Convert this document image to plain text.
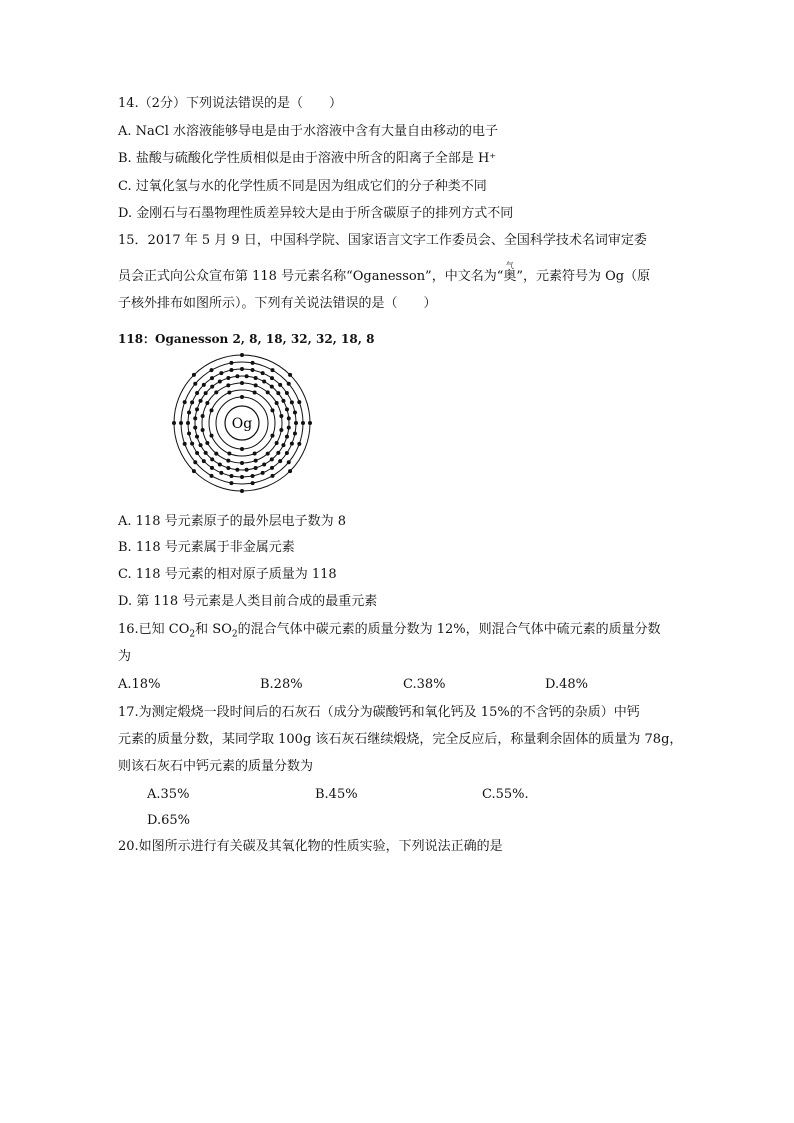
14.（2分）下列说法错误的是（　　）
A. NaCl 水溶液能够导电是由于水溶液中含有大量自由移动的电子
B. 盐酸与硫酸化学性质相似是由于溶液中所含的阳离子全部是 H⁺
C. 过氧化氢与水的化学性质不同是因为组成它们的分子种类不同
D. 金刚石与石墨物理性质差异较大是由于所含碳原子的排列方式不同
15．2017 年 5 月 9 日，中国科学院、国家语言文字工作委员会、全国科学技术名词审定委
员会正式向公众宣布第 118 号元素名称“Oganesson”，中文名为“
气
奥”，元素符号为 Og（原
子核外排布如图所示）。下列有关说法错误的是（　　）
118：Oganesson 2, 8, 18, 32, 32, 18, 8
Og
A. 118 号元素原子的最外层电子数为 8
B. 118 号元素属于非金属元素
C. 118 号元素的相对原子质量为 118
D. 第 118 号元素是人类目前合成的最重元素
16.已知 $CO_2$和 $SO_2$的混合气体中碳元素的质量分数为 12%，则混合气体中硫元素的质量分数
为
A.18%	B.28%	C.38%	D.48%
17.为测定煅烧一段时间后的石灰石（成分为碳酸钙和氧化钙及 15%的不含钙的杂质）中钙
元素的质量分数，某同学取 100g 该石灰石继续煅烧，完全反应后，称量剩余固体的质量为 78g，
则该石灰石中钙元素的质量分数为
A.35%	B.45%	C.55%.
D.65%
20.如图所示进行有关碳及其氧化物的性质实验，下列说法正确的是
